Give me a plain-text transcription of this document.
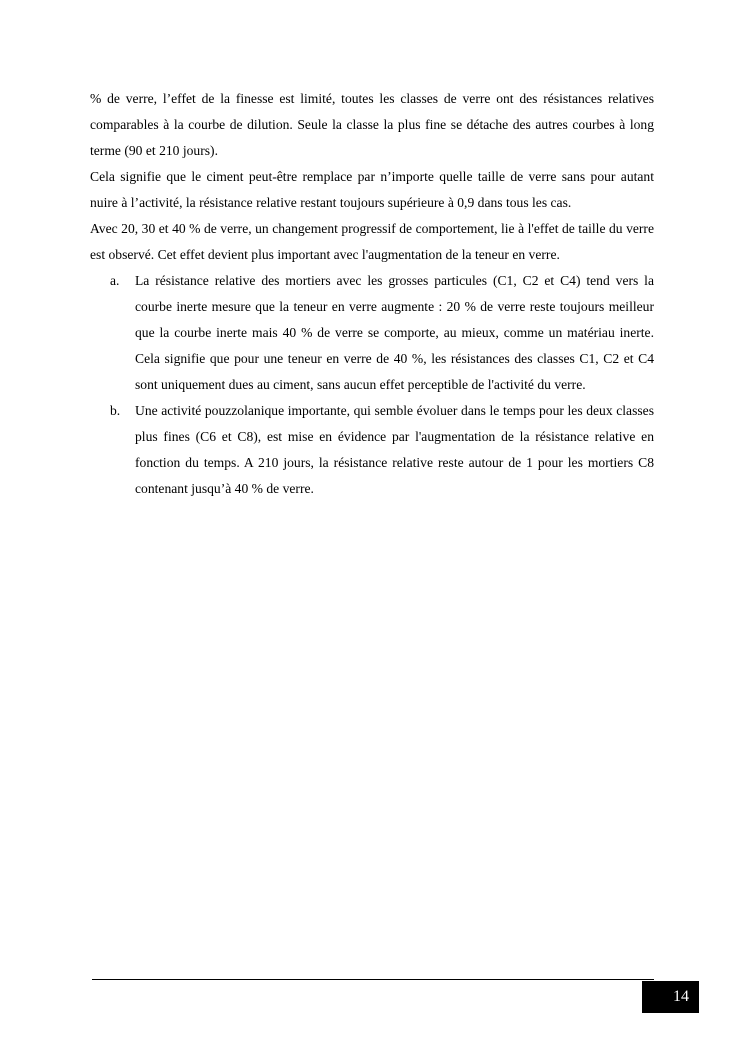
% de verre, l’effet de la finesse est limité, toutes les classes de verre ont des résistances relatives comparables à la courbe de dilution. Seule la classe la plus fine se détache des autres courbes à long terme (90 et 210 jours).

Cela signifie que le ciment peut-être remplace par n’importe quelle taille de verre sans pour autant nuire à l’activité, la résistance relative restant toujours supérieure à 0,9 dans tous les cas.

Avec 20, 30 et 40 % de verre, un changement progressif de comportement, lie à l'effet de taille du verre est observé. Cet effet devient plus important avec l'augmentation de la teneur en verre.

a. La résistance relative des mortiers avec les grosses particules (C1, C2 et C4) tend vers la courbe inerte mesure que la teneur en verre augmente : 20 % de verre reste toujours meilleur que la courbe inerte mais 40 % de verre se comporte, au mieux, comme un matériau inerte. Cela signifie que pour une teneur en verre de 40 %, les résistances des classes C1, C2 et C4 sont uniquement dues au ciment, sans aucun effet perceptible de l'activité du verre.
b. Une activité pouzzolanique importante, qui semble évoluer dans le temps pour les deux classes plus fines (C6 et C8), est mise en évidence par l'augmentation de la résistance relative en fonction du temps. A 210 jours, la résistance relative reste autour de 1 pour les mortiers C8 contenant jusqu’à 40 % de verre.
14
